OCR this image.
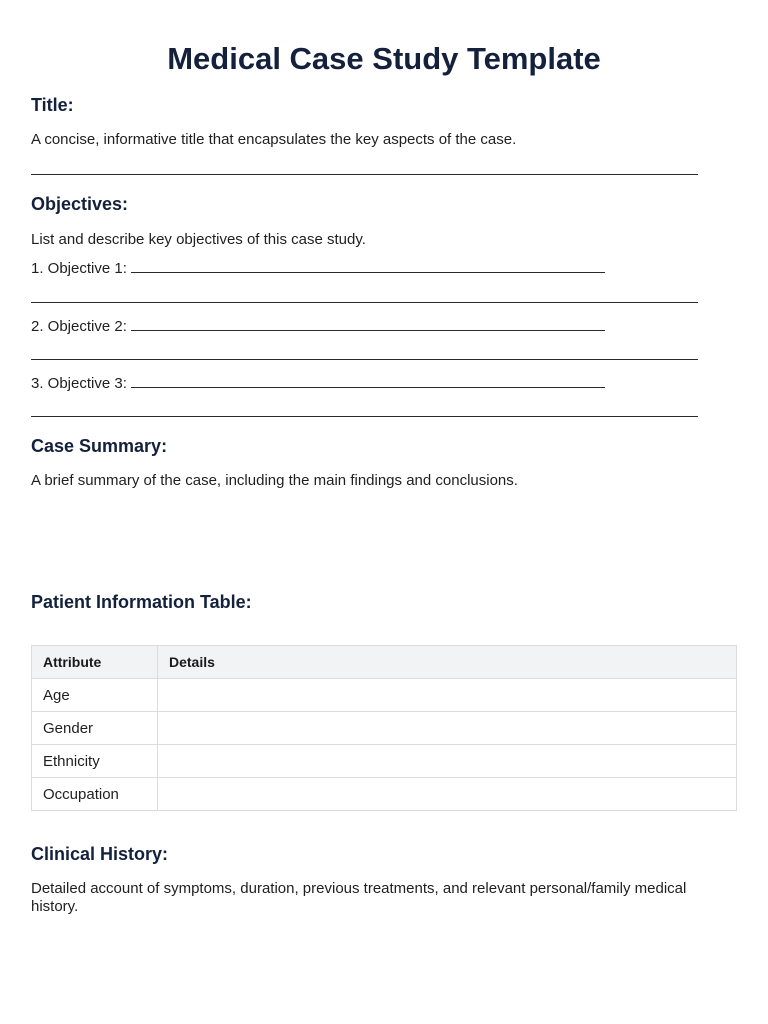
Medical Case Study Template
Title:

A concise, informative title that encapsulates the key aspects of the case.

Objectives:

List and describe key objectives of this case study.

1. Objective 1:
2. Objective 2:
3. Objective 3:
Case Summary:

A brief summary of the case, including the main findings and conclusions.

Patient Information Table:
Attribute	Details
Age	
Gender	
Ethnicity	
Occupation	
Clinical History:

Detailed account of symptoms, duration, previous treatments, and relevant personal/family medical history.
